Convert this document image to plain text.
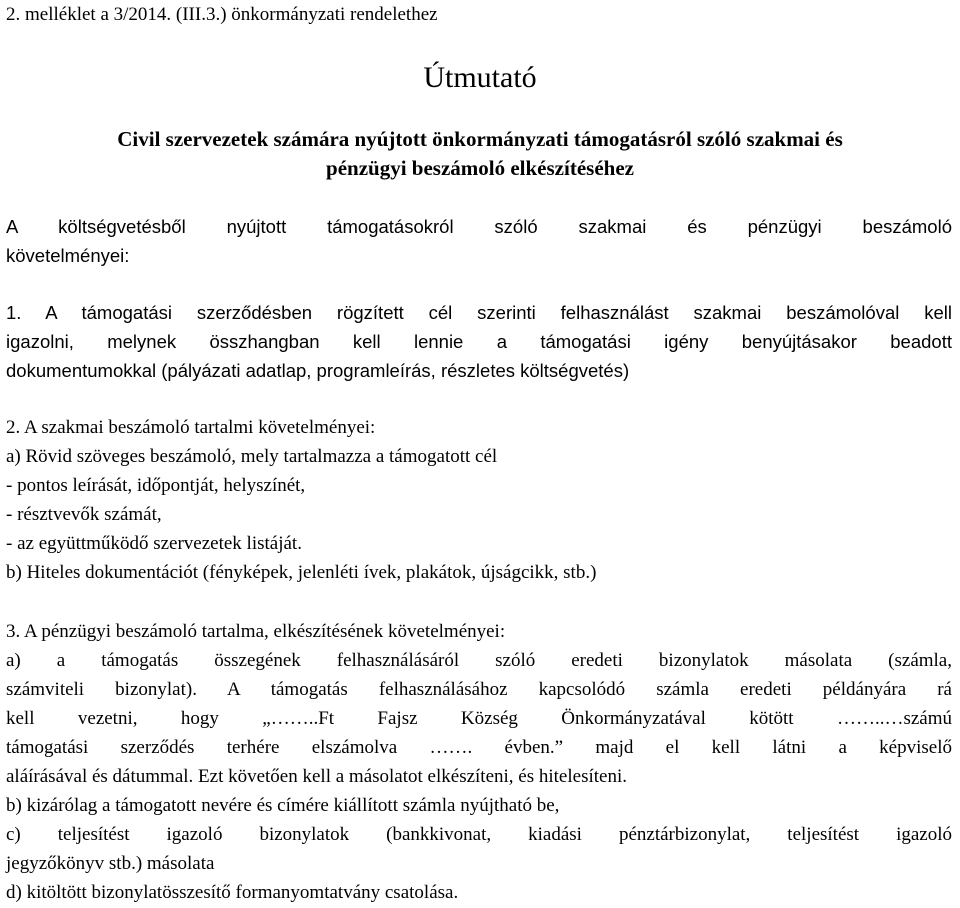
2. melléklet a 3/2014. (III.3.) önkormányzati rendelethez
Útmutató
Civil szervezetek számára nyújtott önkormányzati támogatásról szóló szakmai és
pénzügyi beszámoló elkészítéséhez
A költségvetésből nyújtott támogatásokról szóló szakmai és pénzügyi beszámoló
követelményei:
1. A támogatási szerződésben rögzített cél szerinti felhasználást szakmai beszámolóval kell
igazolni, melynek összhangban kell lennie a támogatási igény benyújtásakor beadott
dokumentumokkal (pályázati adatlap, programleírás, részletes költségvetés)
2. A szakmai beszámoló tartalmi követelményei:
a) Rövid szöveges beszámoló, mely tartalmazza a támogatott cél
- pontos leírását, időpontját, helyszínét,
- résztvevők számát,
- az együttműködő szervezetek listáját.
b) Hiteles dokumentációt (fényképek, jelenléti ívek, plakátok, újságcikk, stb.)
3. A pénzügyi beszámoló tartalma, elkészítésének követelményei:
a) a támogatás összegének felhasználásáról szóló eredeti bizonylatok másolata (számla,
számviteli bizonylat). A támogatás felhasználásához kapcsolódó számla eredeti példányára rá
kell vezetni, hogy „……..Ft Fajsz Község Önkormányzatával kötött ……..…számú
támogatási szerződés terhére elszámolva ……. évben.” majd el kell látni a képviselő
aláírásával és dátummal. Ezt követően kell a másolatot elkészíteni, és hitelesíteni.
b) kizárólag a támogatott nevére és címére kiállított számla nyújtható be,
c) teljesítést igazoló bizonylatok (bankkivonat, kiadási pénztárbizonylat, teljesítést igazoló
jegyzőkönyv stb.) másolata
d) kitöltött bizonylatösszesítő formanyomtatvány csatolása.
